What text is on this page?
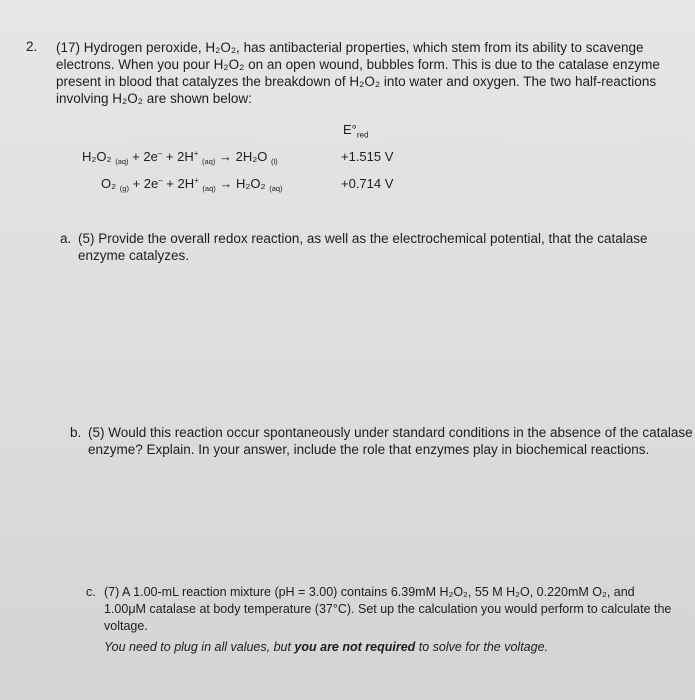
2. (17) Hydrogen peroxide, H₂O₂, has antibacterial properties, which stem from its ability to scavenge
electrons. When you pour H₂O₂ on an open wound, bubbles form. This is due to the catalase enzyme
present in blood that catalyzes the breakdown of H₂O₂ into water and oxygen. The two half-reactions
involving H₂O₂ are shown below:
$E^\circ_{red}$
H₂O₂ $_{(aq)}$ + 2e– + 2H+ $_{(aq)}$ → 2H₂O $_{(l)}$	+1.515 V
O₂ $_{(g)}$ + 2e– + 2H+ $_{(aq)}$ → H₂O₂ $_{(aq)}$	+0.714 V
a. (5) Provide the overall redox reaction, as well as the electrochemical potential, that the catalase
enzyme catalyzes.
b. (5) Would this reaction occur spontaneously under standard conditions in the absence of the catalase
enzyme? Explain. In your answer, include the role that enzymes play in biochemical reactions.
c. (7) A 1.00-mL reaction mixture (pH = 3.00) contains 6.39mM H₂O₂, 55 M H₂O, 0.220mM O₂, and
1.00μM catalase at body temperature (37°C). Set up the calculation you would perform to calculate the
voltage.
You need to plug in all values, but you are not required to solve for the voltage.
